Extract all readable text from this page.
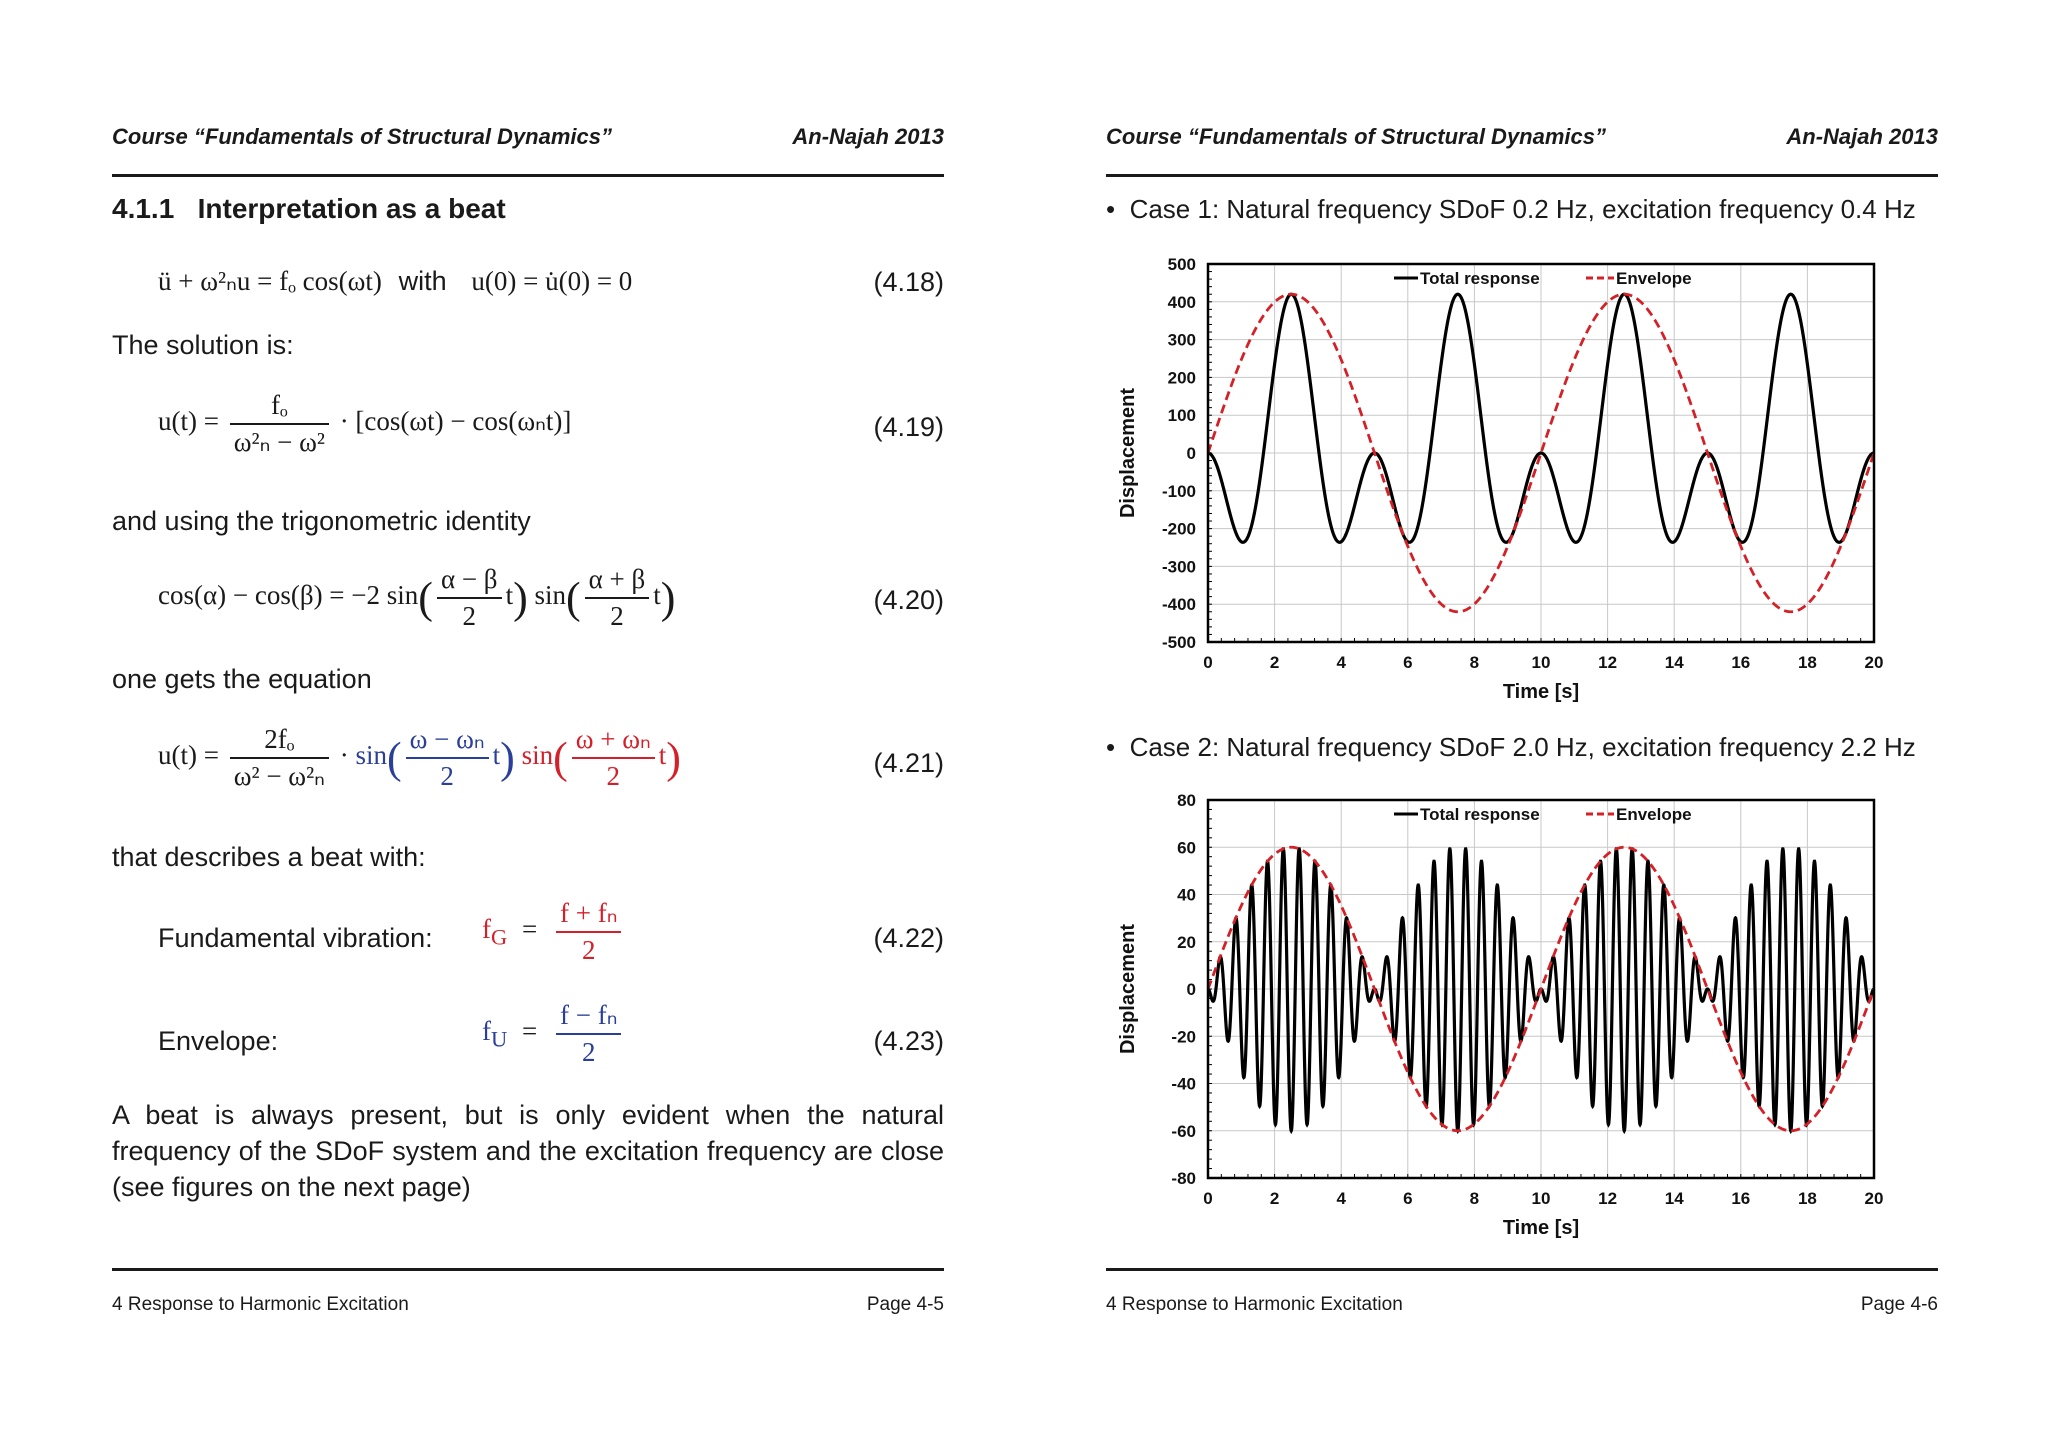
Course “Fundamentals of Structural Dynamics”	An-Najah 2013
4.1.1 Interpretation as a beat
ü + ω²ₙu = fₒ cos(ωt) with u(0) = u̇(0) = 0	(4.18)
The solution is:
$u(t) = \frac{\text{fₒ}}{\text{ω²ₙ − ω²}} \cdot [\cos(\omega t) - \cos(\omega_nt)]$	(4.19)
and using the trigonometric identity
cos(α) − cos(β) = −2 $\sin( \frac{\alpha - \beta}{2} t)$ $\sin( \frac{\alpha + \beta}{2} t)$	(4.20)
one gets the equation
$u(t) = \frac{\text{2fₒ}}{\text{ω² − ω²ₙ}} \cdot \sin( \frac{\text{ω − ωₙ}}{2} t)$ $\sin( \frac{\text{ω + ωₙ}}{2} t)$	(4.21)
that describes a beat with:
Fundamental vibration: $f_G = \frac{\text{f + fₙ}}{2}$	(4.22)
Envelope:	$f_U = \frac{\text{f − fₙ}}{2}$	(4.23)
A beat is always present, but is only evident when the natural frequency of the SDoF system and the excitation frequency are close (see figures on the next page)
4 Response to Harmonic Excitation	Page 4-5
Course “Fundamentals of Structural Dynamics”	An-Najah 2013
•  Case 1: Natural frequency SDoF 0.2 Hz, excitation frequency 0.4 Hz
0	2	4	6	8	10	12	14	16	18	20
-500
-400
-300
-200
-100
0
100
200
300
400
500
Time [s]
Displacement
Total response	Envelope
•  Case 2: Natural frequency SDoF 2.0 Hz, excitation frequency 2.2 Hz
0	2	4	6	8	10	12	14	16	18	20
-80
-60
-40
-20
0
20
40
60
80
Time [s]
Displacement
Total response	Envelope
4 Response to Harmonic Excitation	Page 4-6
